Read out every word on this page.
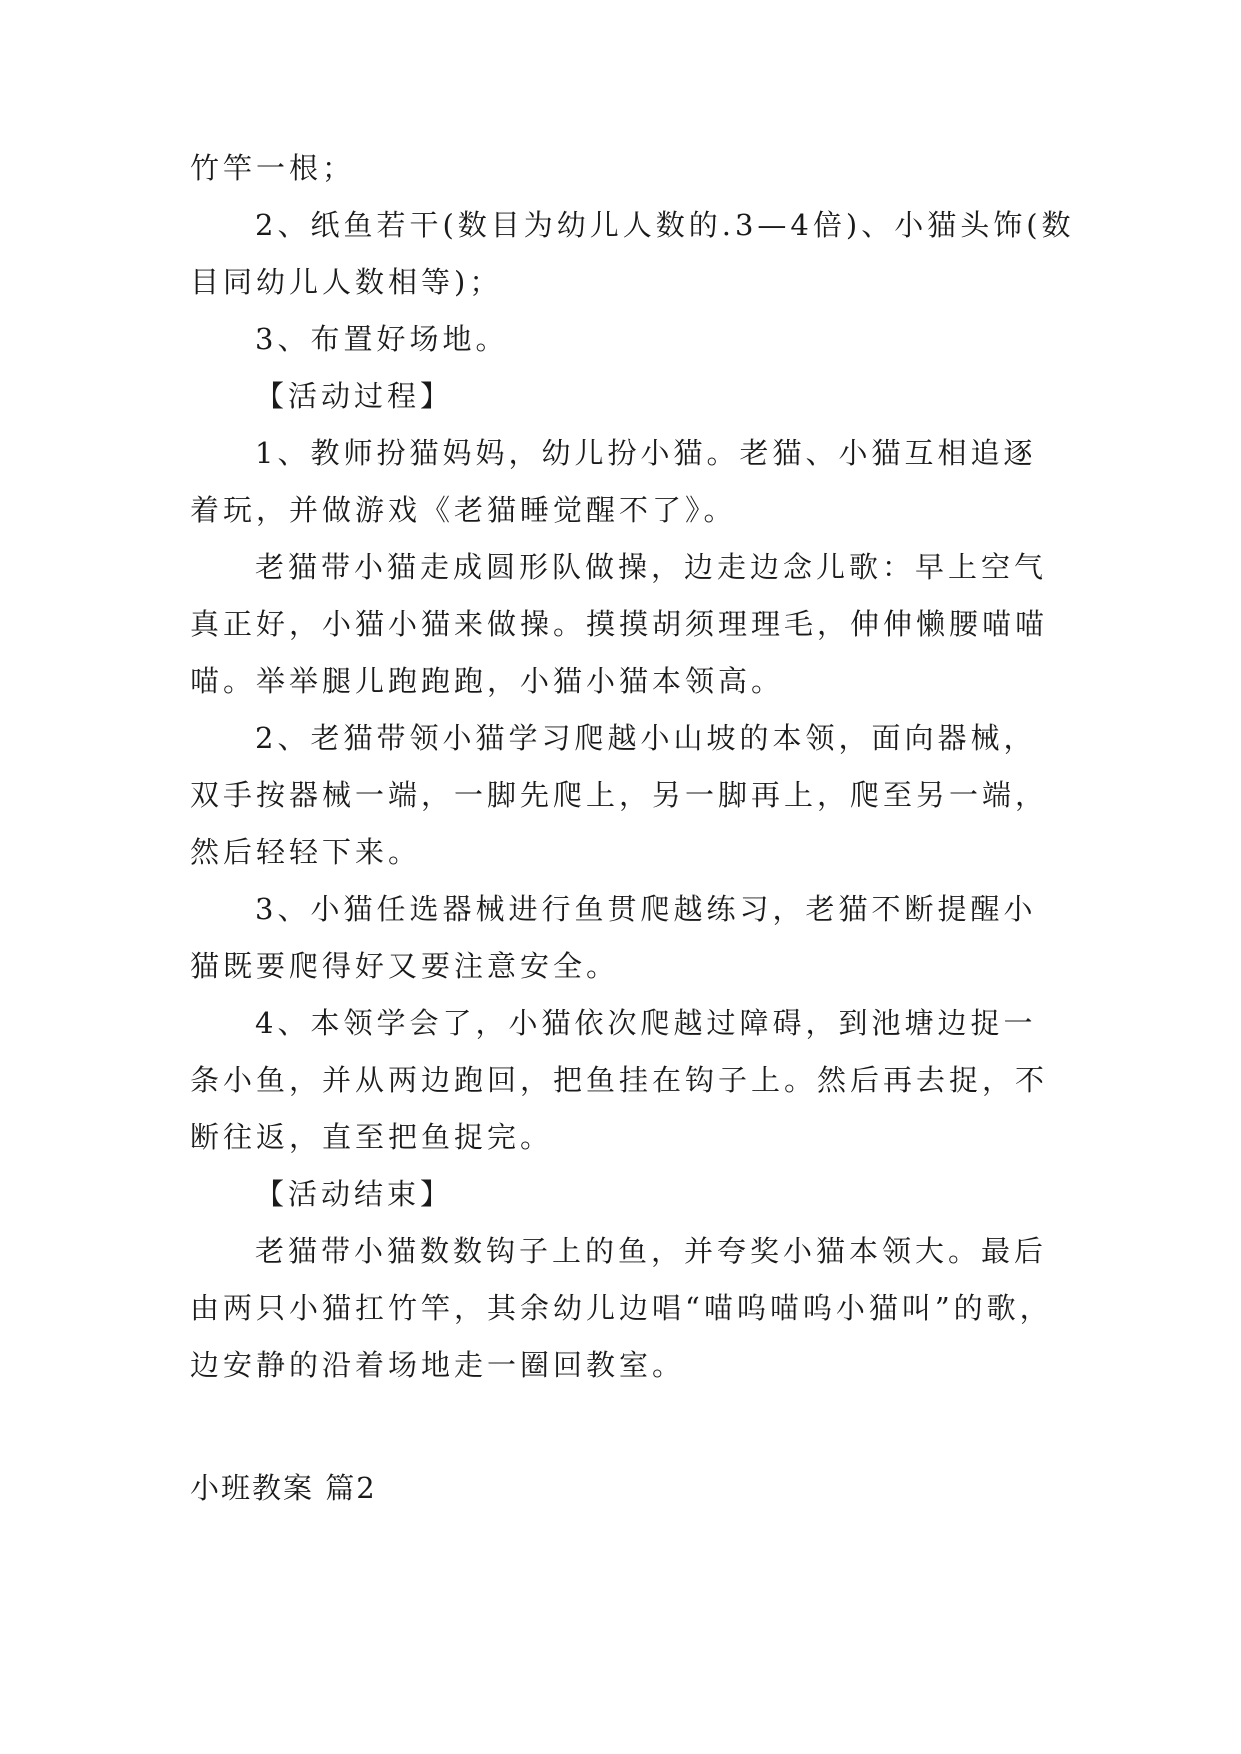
竹竿一根；
2、纸鱼若干(数目为幼儿人数的.3—4倍)、小猫头饰(数
目同幼儿人数相等)；
3、布置好场地。
【活动过程】
1、教师扮猫妈妈，幼儿扮小猫。老猫、小猫互相追逐
着玩，并做游戏《老猫睡觉醒不了》。
老猫带小猫走成圆形队做操，边走边念儿歌：早上空气
真正好，小猫小猫来做操。摸摸胡须理理毛，伸伸懒腰喵喵
喵。举举腿儿跑跑跑，小猫小猫本领高。
2、老猫带领小猫学习爬越小山坡的本领，面向器械，
双手按器械一端，一脚先爬上，另一脚再上，爬至另一端，
然后轻轻下来。
3、小猫任选器械进行鱼贯爬越练习，老猫不断提醒小
猫既要爬得好又要注意安全。
4、本领学会了，小猫依次爬越过障碍，到池塘边捉一
条小鱼，并从两边跑回，把鱼挂在钩子上。然后再去捉，不
断往返，直至把鱼捉完。
【活动结束】
老猫带小猫数数钩子上的鱼，并夸奖小猫本领大。最后
由两只小猫扛竹竿，其余幼儿边唱“喵呜喵呜小猫叫”的歌，
边安静的沿着场地走一圈回教室。
小班教案 篇2
